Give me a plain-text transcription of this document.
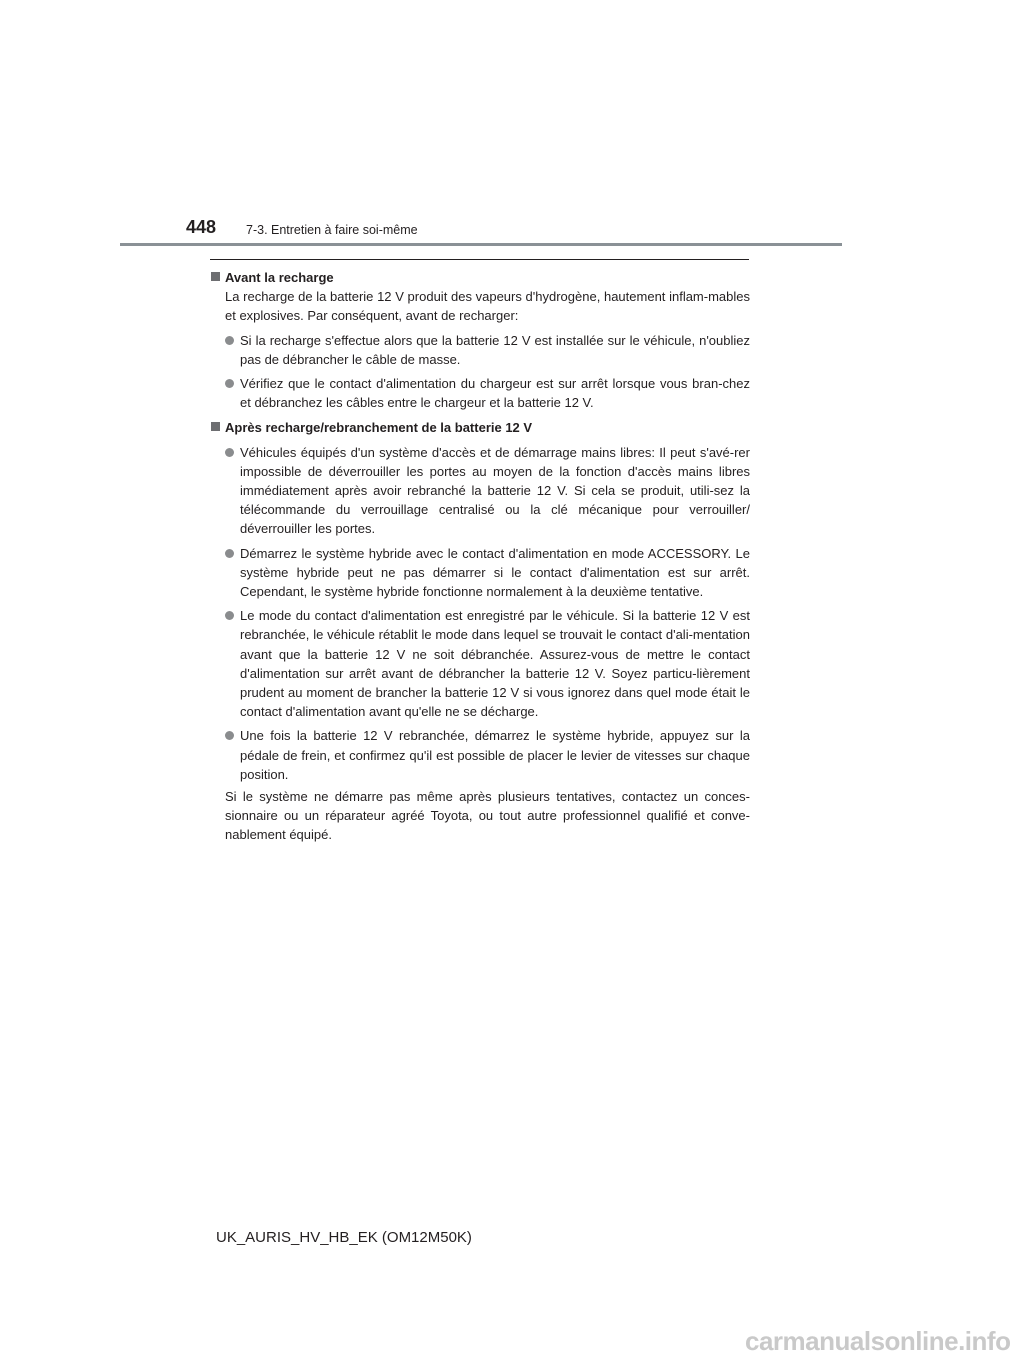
448 7-3. Entretien à faire soi-même
Avant la recharge

La recharge de la batterie 12 V produit des vapeurs d'hydrogène, hautement inflam-mables et explosives. Par conséquent, avant de recharger:

Si la recharge s'effectue alors que la batterie 12 V est installée sur le véhicule, n'oubliez pas de débrancher le câble de masse.
Vérifiez que le contact d'alimentation du chargeur est sur arrêt lorsque vous bran-chez et débranchez les câbles entre le chargeur et la batterie 12 V.
Après recharge/rebranchement de la batterie 12 V
Véhicules équipés d'un système d'accès et de démarrage mains libres: Il peut s'avé-rer impossible de déverrouiller les portes au moyen de la fonction d'accès mains libres immédiatement après avoir rebranché la batterie 12 V. Si cela se produit, utili-sez la télécommande du verrouillage centralisé ou la clé mécanique pour verrouiller/ déverrouiller les portes.
Démarrez le système hybride avec le contact d'alimentation en mode ACCESSORY. Le système hybride peut ne pas démarrer si le contact d'alimentation est sur arrêt. Cependant, le système hybride fonctionne normalement à la deuxième tentative.
Le mode du contact d'alimentation est enregistré par le véhicule. Si la batterie 12 V est rebranchée, le véhicule rétablit le mode dans lequel se trouvait le contact d'ali-mentation avant que la batterie 12 V ne soit débranchée. Assurez-vous de mettre le contact d'alimentation sur arrêt avant de débrancher la batterie 12 V. Soyez particu-lièrement prudent au moment de brancher la batterie 12 V si vous ignorez dans quel mode était le contact d'alimentation avant qu'elle ne se décharge.
Une fois la batterie 12 V rebranchée, démarrez le système hybride, appuyez sur la pédale de frein, et confirmez qu'il est possible de placer le levier de vitesses sur chaque position.

Si le système ne démarre pas même après plusieurs tentatives, contactez un conces-sionnaire ou un réparateur agréé Toyota, ou tout autre professionnel qualifié et conve-nablement équipé.

UK_AURIS_HV_HB_EK (OM12M50K)
carmanualsonline.info
